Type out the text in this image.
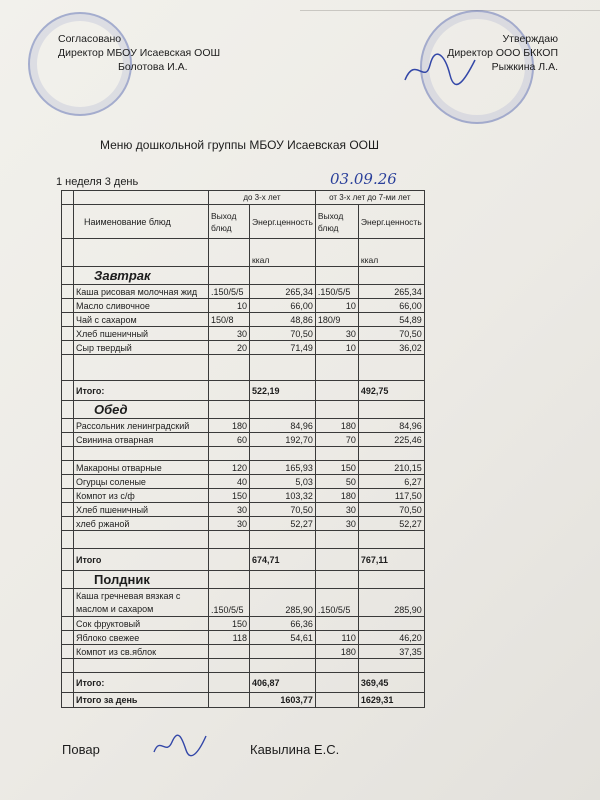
Согласовано
Директор МБОУ Исаевская ООШ
Болотова И.А.
Утверждаю
Директор ООО БККОП
Рыжкина Л.А.
Меню дошкольной группы МБОУ Исаевская ООШ
1 неделя 3 день	03.09.26
		до 3-х лет		от 3-х лет до 7-ми лет	
	Наименование блюд	Выход блюд	Энерг.ценность	Выход блюд	Энерг.ценность
			ккал		ккал
	Завтрак				
	Каша рисовая молочная жид	.150/5/5	265,34	.150/5/5	265,34
	Масло сливочное	10	66,00	10	66,00
	Чай с сахаром	150/8	48,86	180/9	54,89
	Хлеб пшеничный	30	70,50	30	70,50
	Сыр твердый	20	71,49	10	36,02

	Итого:		522,19		492,75
	Обед				
	Рассольник ленинградский	180	84,96	180	84,96
	Свинина отварная	60	192,70	70	225,46

	Макароны отварные	120	165,93	150	210,15
	Огурцы соленые	40	5,03	50	6,27
	Компот из с/ф	150	103,32	180	117,50
	Хлеб пшеничный	30	70,50	30	70,50
	хлеб ржаной	30	52,27	30	52,27

	Итого		674,71		767,11
	Полдник				
	Каша гречневая вязкая с
маслом и сахаром	.150/5/5	285,90	.150/5/5	285,90
	Сок фруктовый	150	66,36		
	Яблоко свежее	118	54,61	110	46,20
	Компот из св.яблок			180	37,35

	Итого:		406,87		369,45
	Итого за день		1603,77		1629,31
Повар	Кавылина Е.С.
